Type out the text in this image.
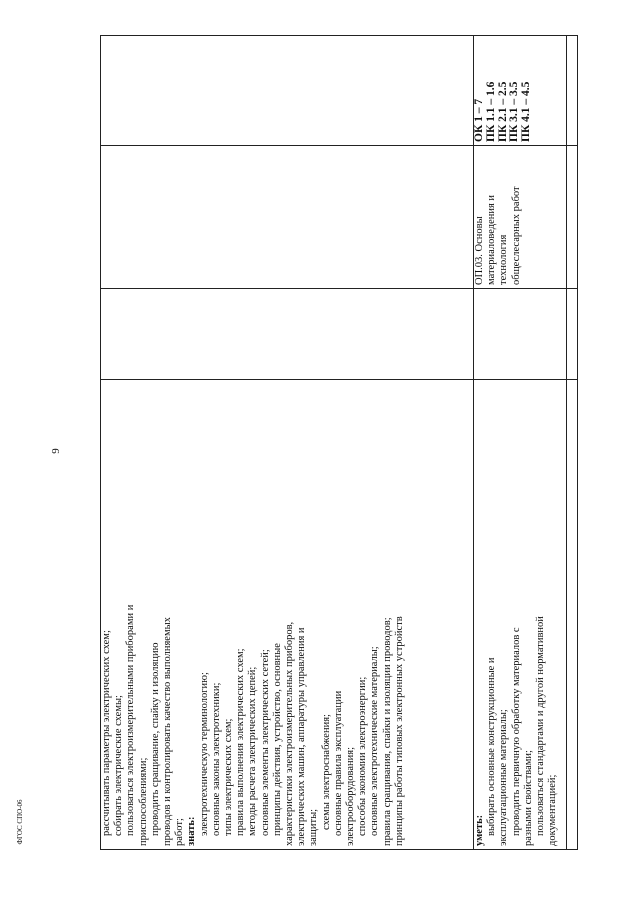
9
ФГОС СПО-06	рассчитывать параметры электрических схем; собирать электрические схемы; пользоваться электроизмерительными приборами и приспособлениями; проводить сращивание, спайку и изоляцию проводов и контролировать качество выполняемых работ; знать: электротехническую терминологию; основные законы электротехники; типы электрических схем; правила выполнения электрических схем; методы расчета электрических цепей; основные элементы электрических сетей; принципы действия, устройство, основные характеристики электроизмерительных приборов, электрических машин, аппаратуры управления и защиты; схемы электроснабжения; основные правила эксплуатации электрооборудования; способы экономии электроэнергии; основные электротехнические материалы; правила сращивания, спайки и изоляции проводов; принципы работы типовых электронных устройств	уметь: выбирать основные конструкционные и эксплуатационные материалы; проводить первичную обработку материалов с разными свойствами; пользоваться стандартами и другой нормативной документацией;

ОП.03. Основы материаловедения и технология общеслесарных работ

ОК 1 – 7 ПК 1.1 – 1.6 ПК 2.1 – 2.5 ПК 3.1 – 3.5 ПК 4.1 – 4.5
